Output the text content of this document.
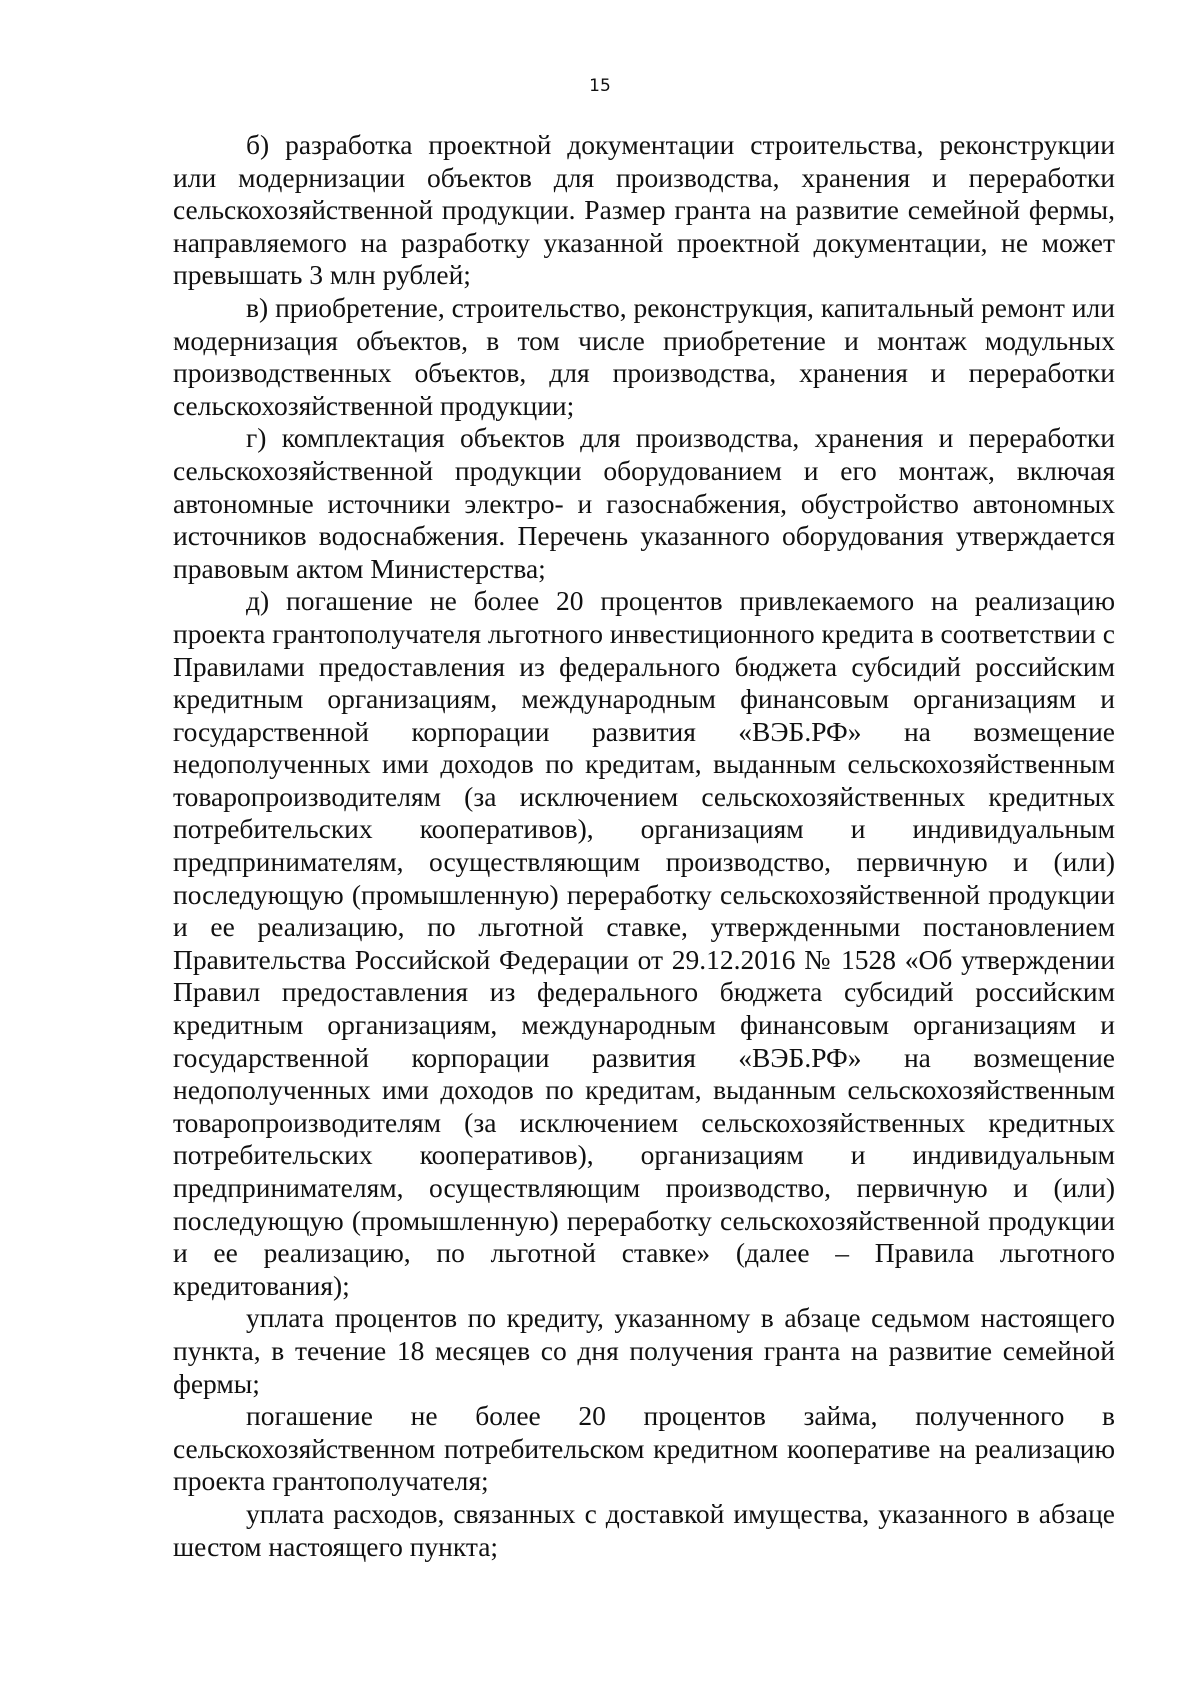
15

б) разработка проектной документации строительства, реконструкции или модернизации объектов для производства, хранения и переработки сельскохозяйственной продукции. Размер гранта на развитие семейной фермы, направляемого на разработку указанной проектной документации, не может превышать 3 млн рублей;

в) приобретение, строительство, реконструкция, капитальный ремонт или модернизация объектов, в том числе приобретение и монтаж модульных производственных объектов, для производства, хранения и переработки сельскохозяйственной продукции;

г) комплектация объектов для производства, хранения и переработки сельскохозяйственной продукции оборудованием и его монтаж, включая автономные источники электро- и газоснабжения, обустройство автономных источников водоснабжения. Перечень указанного оборудования утверждается правовым актом Министерства;

д) погашение не более 20 процентов привлекаемого на реализацию проекта грантополучателя льготного инвестиционного кредита в соответствии с Правилами предоставления из федерального бюджета субсидий российским кредитным организациям, международным финансовым организациям и государственной корпорации развития «ВЭБ.РФ» на возмещение недополученных ими доходов по кредитам, выданным сельскохозяйственным товаропроизводителям (за исключением сельскохозяйственных кредитных потребительских кооперативов), организациям и индивидуальным предпринимателям, осуществляющим производство, первичную и (или) последующую (промышленную) переработку сельскохозяйственной продукции и ее реализацию, по льготной ставке, утвержденными постановлением Правительства Российской Федерации от 29.12.2016 № 1528 «Об утверждении Правил предоставления из федерального бюджета субсидий российским кредитным организациям, международным финансовым организациям и государственной корпорации развития «ВЭБ.РФ» на возмещение недополученных ими доходов по кредитам, выданным сельскохозяйственным товаропроизводителям (за исключением сельскохозяйственных кредитных потребительских кооперативов), организациям и индивидуальным предпринимателям, осуществляющим производство, первичную и (или) последующую (промышленную) переработку сельскохозяйственной продукции и ее реализацию, по льготной ставке» (далее – Правила льготного кредитования);

уплата процентов по кредиту, указанному в абзаце седьмом настоящего пункта, в течение 18 месяцев со дня получения гранта на развитие семейной фермы;

погашение не более 20 процентов займа, полученного в сельскохозяйственном потребительском кредитном кооперативе на реализацию проекта грантополучателя;

уплата расходов, связанных с доставкой имущества, указанного в абзаце шестом настоящего пункта;
